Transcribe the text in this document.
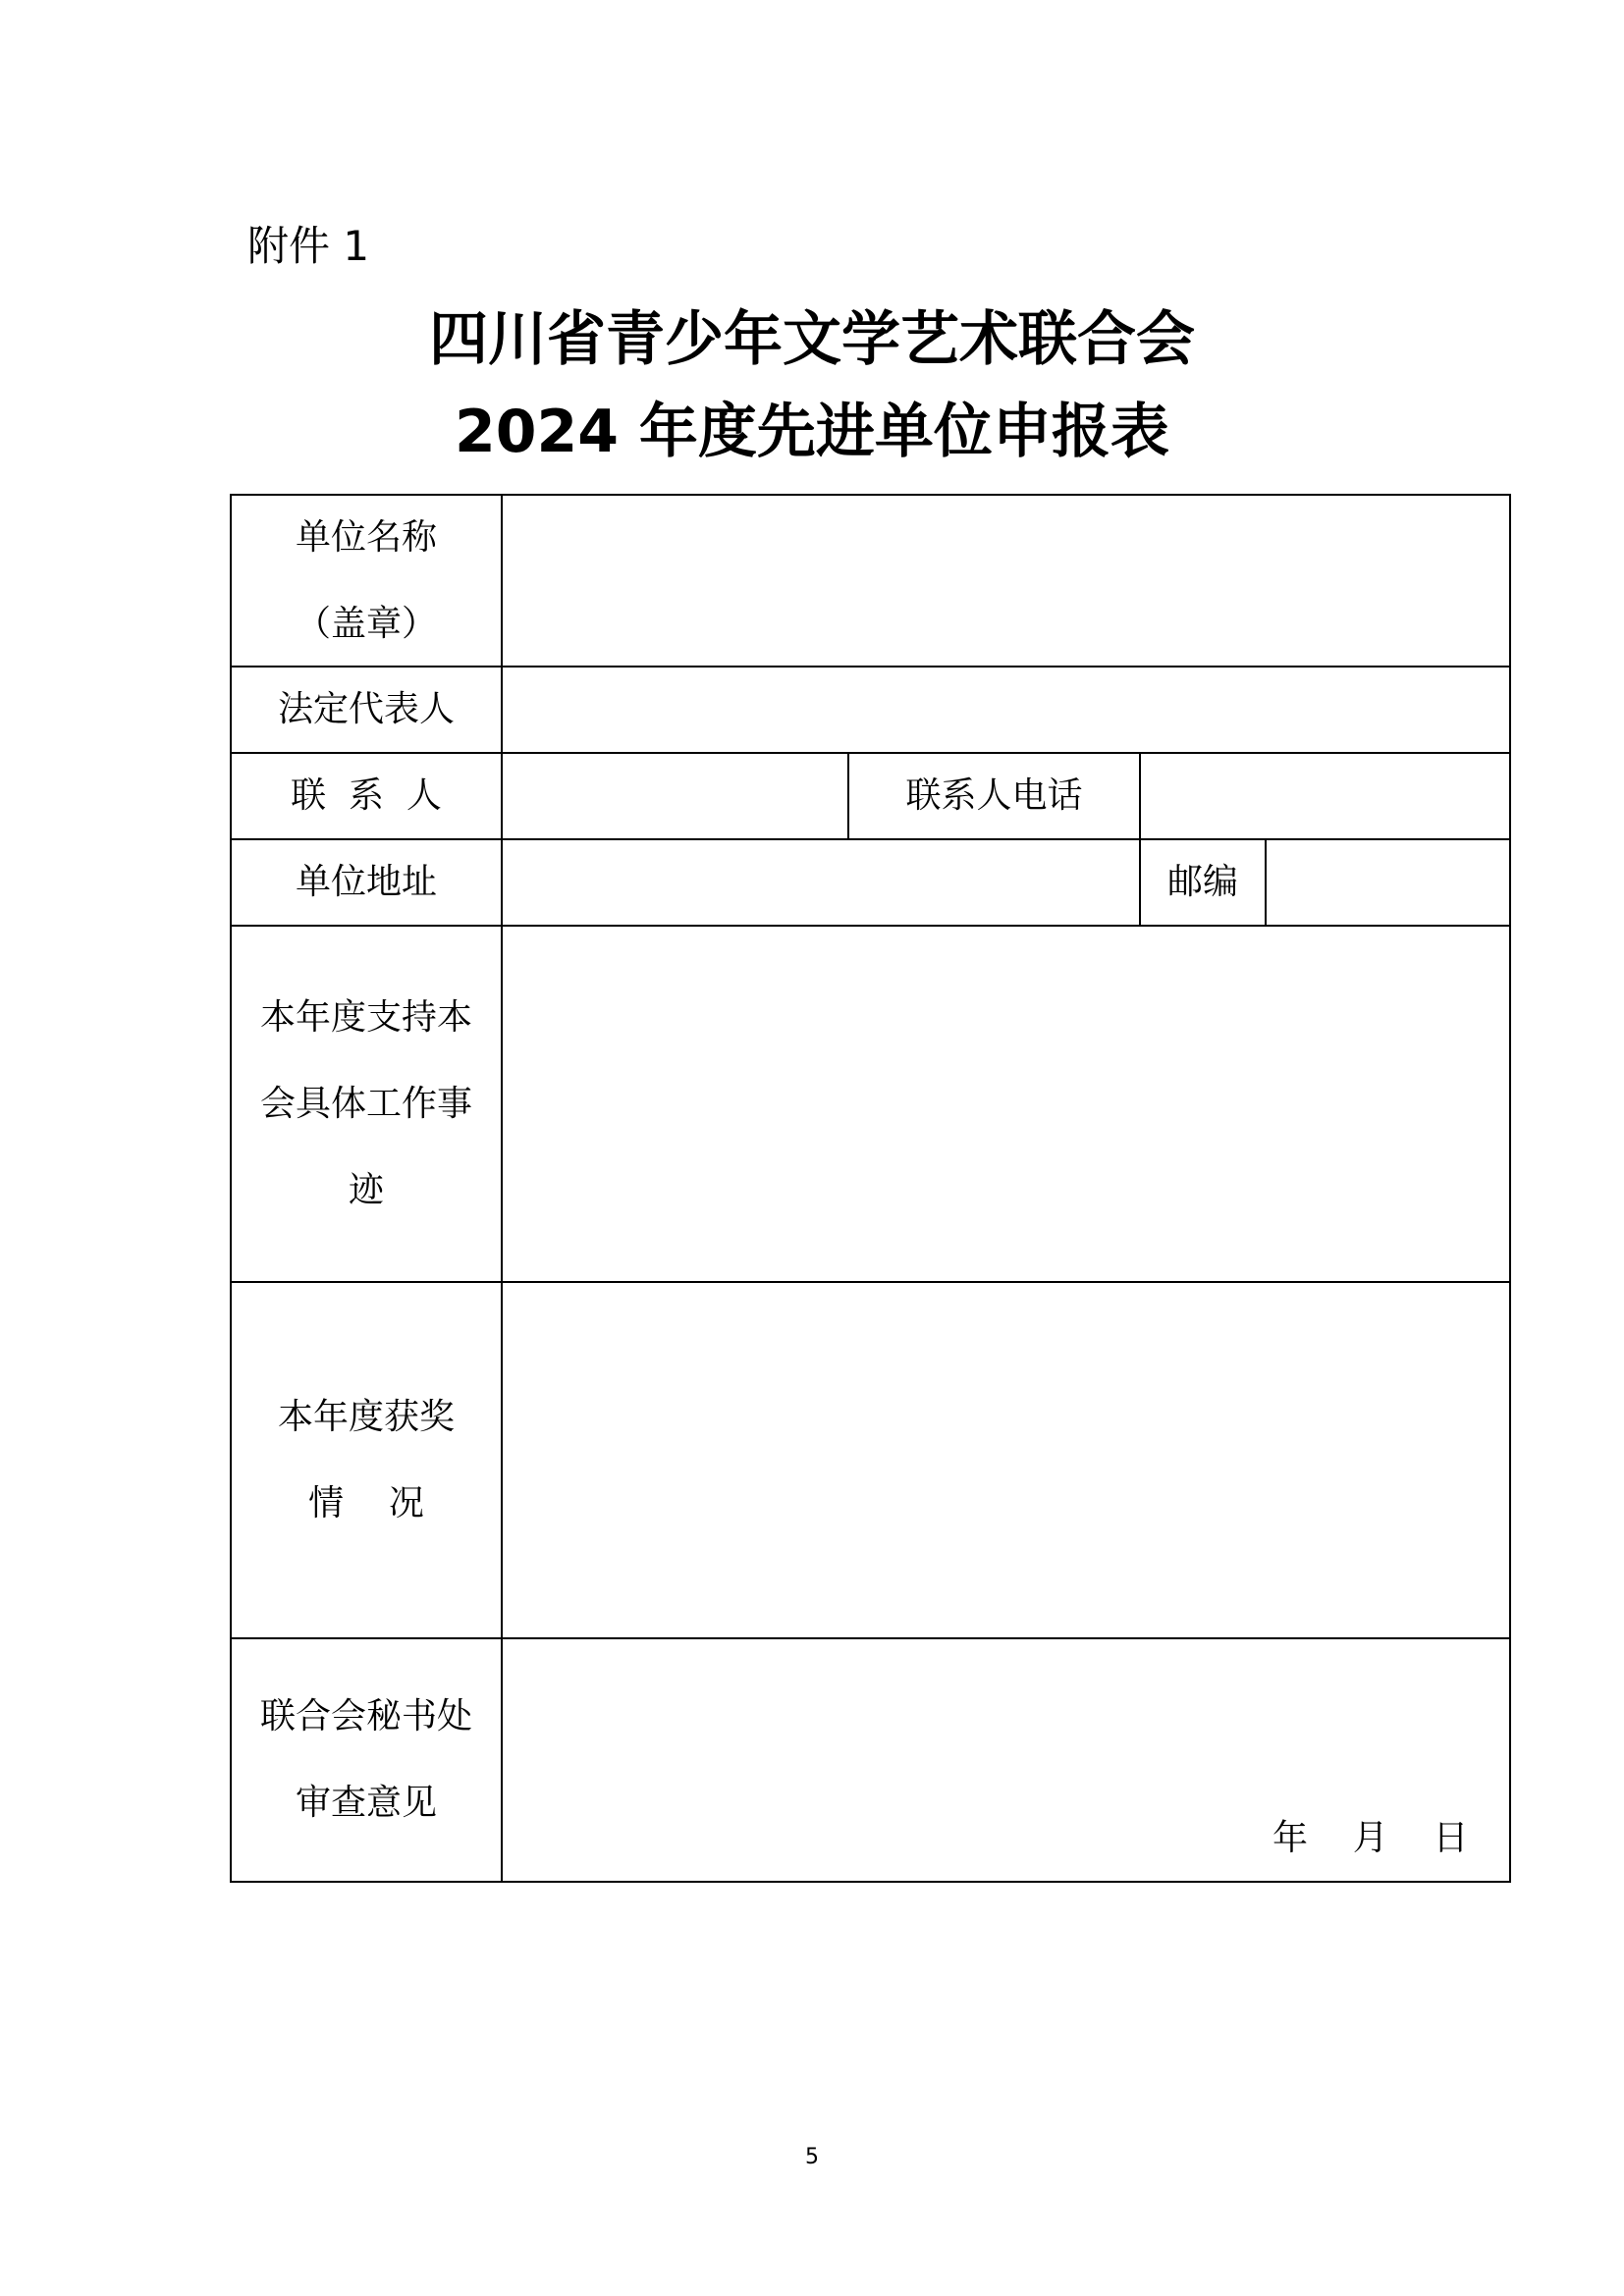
附件 1
四川省青少年文学艺术联合会
2024 年度先进单位申报表
单位名称
（盖章）
法定代表人
联  系  人	联系人电话
单位地址	邮编
本年度支持本
会具体工作事
迹
本年度获奖
情    况
联合会秘书处
审查意见
年    月    日
5
